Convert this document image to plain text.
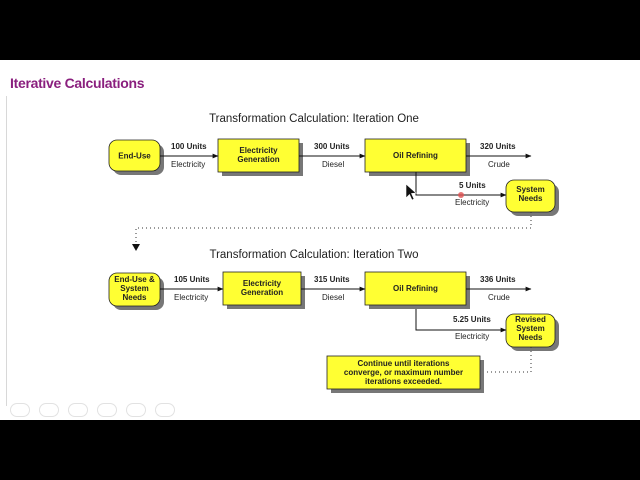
Iterative Calculations
Transformation Calculation: Iteration One
End-Use
Electricity
Generation	Oil Refining
System
Needs
100 Units
Electricity
300 Units
Diesel
320 Units
Crude
5 Units
Electricity
Transformation Calculation: Iteration Two
End-Use &
System
Needs
Electricity
Generation	Oil Refining
Revised
System
Needs
105 Units
Electricity
315 Units
Diesel
336 Units
Crude
5.25 Units
Electricity
Continue until iterations
converge, or maximum number
iterations exceeded.
